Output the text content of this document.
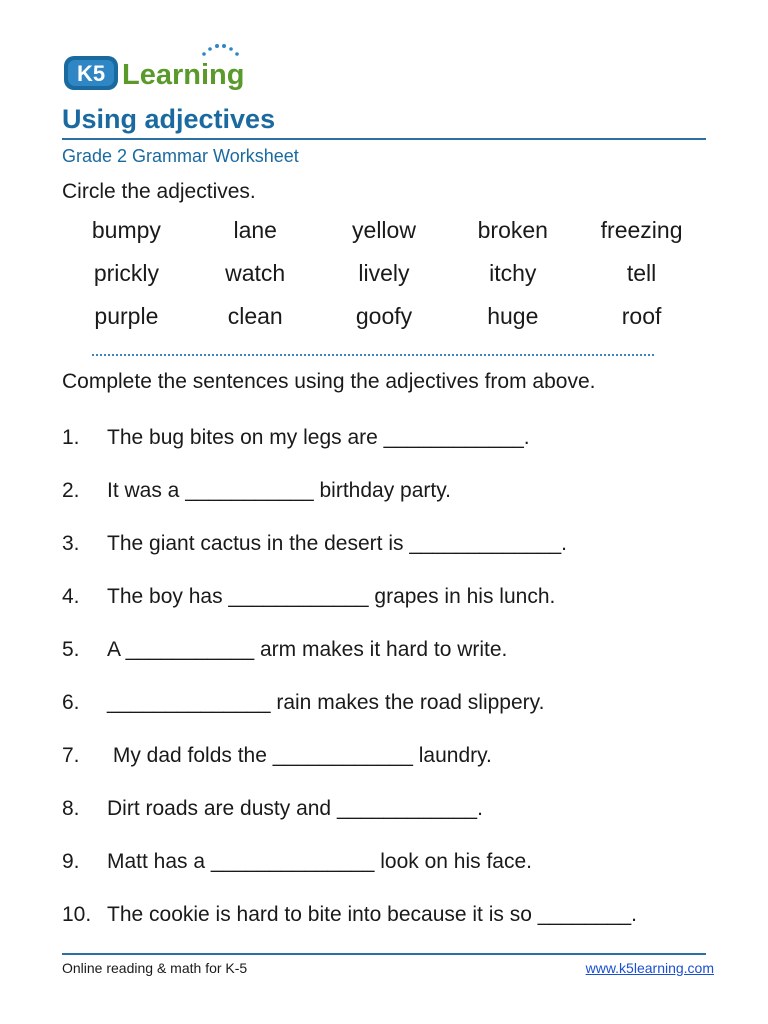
K5 Learning
Using adjectives
Grade 2 Grammar Worksheet
Circle the adjectives.
bumpy	lane	yellow	broken	freezing
prickly	watch	lively	itchy	tell
purple	clean	goofy	huge	roof
Complete the sentences using the adjectives from above.
1.	The bug bites on my legs are ____________.
2.	It was a ___________ birthday party.
3.	The giant cactus in the desert is _____________.
4.	The boy has ____________ grapes in his lunch.
5.	A ___________ arm makes it hard to write.
6.	______________ rain makes the road slippery.
7.	My dad folds the ____________ laundry.
8.	Dirt roads are dusty and ____________.
9.	Matt has a ______________ look on his face.
10. The cookie is hard to bite into because it is so ________.
Online reading & math for K-5	www.k5learning.com
